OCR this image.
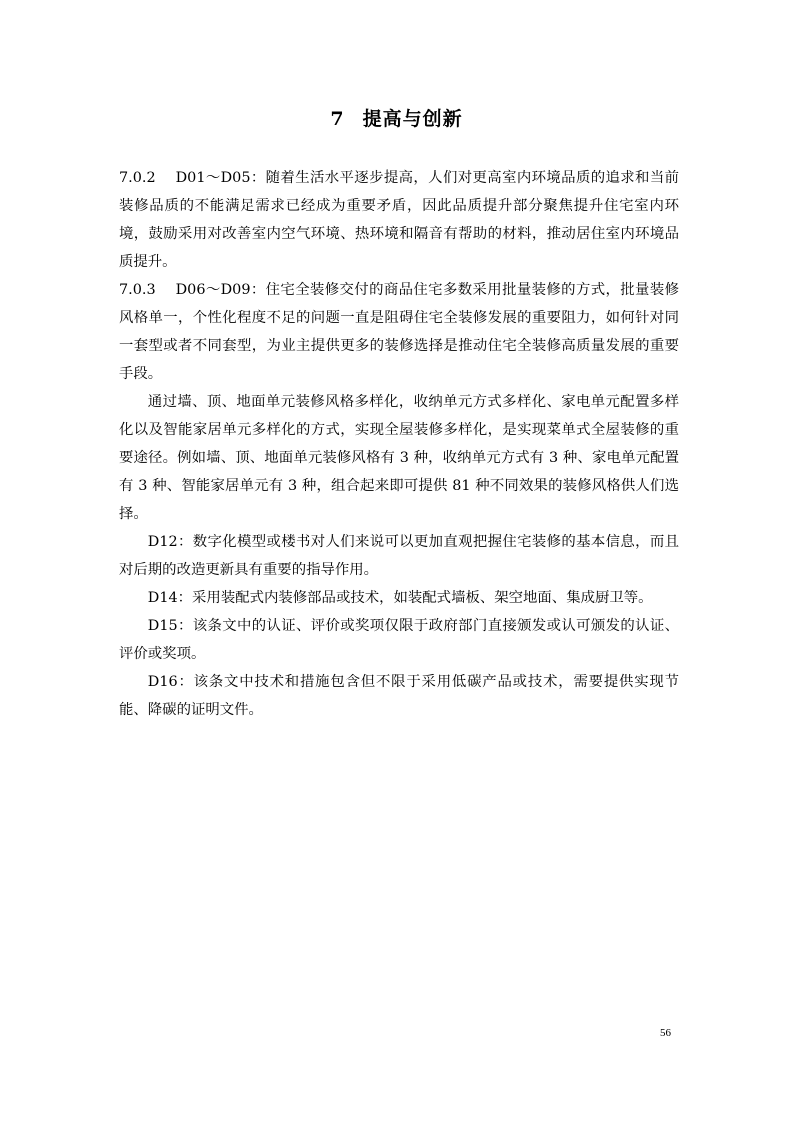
7 提高与创新

7.0.2 D01～D05：随着生活水平逐步提高，人们对更高室内环境品质的追求和当前装修品质的不能满足需求已经成为重要矛盾，因此品质提升部分聚焦提升住宅室内环境，鼓励采用对改善室内空气环境、热环境和隔音有帮助的材料，推动居住室内环境品质提升。

7.0.3 D06～D09：住宅全装修交付的商品住宅多数采用批量装修的方式，批量装修风格单一，个性化程度不足的问题一直是阻碍住宅全装修发展的重要阻力，如何针对同一套型或者不同套型，为业主提供更多的装修选择是推动住宅全装修高质量发展的重要手段。

通过墙、顶、地面单元装修风格多样化，收纳单元方式多样化、家电单元配置多样化以及智能家居单元多样化的方式，实现全屋装修多样化，是实现菜单式全屋装修的重要途径。例如墙、顶、地面单元装修风格有 3 种，收纳单元方式有 3 种、家电单元配置有 3 种、智能家居单元有 3 种，组合起来即可提供 81 种不同效果的装修风格供人们选择。

D12：数字化模型或楼书对人们来说可以更加直观把握住宅装修的基本信息，而且对后期的改造更新具有重要的指导作用。

D14：采用装配式内装修部品或技术，如装配式墙板、架空地面、集成厨卫等。

D15：该条文中的认证、评价或奖项仅限于政府部门直接颁发或认可颁发的认证、评价或奖项。

D16：该条文中技术和措施包含但不限于采用低碳产品或技术，需要提供实现节能、降碳的证明文件。

56
